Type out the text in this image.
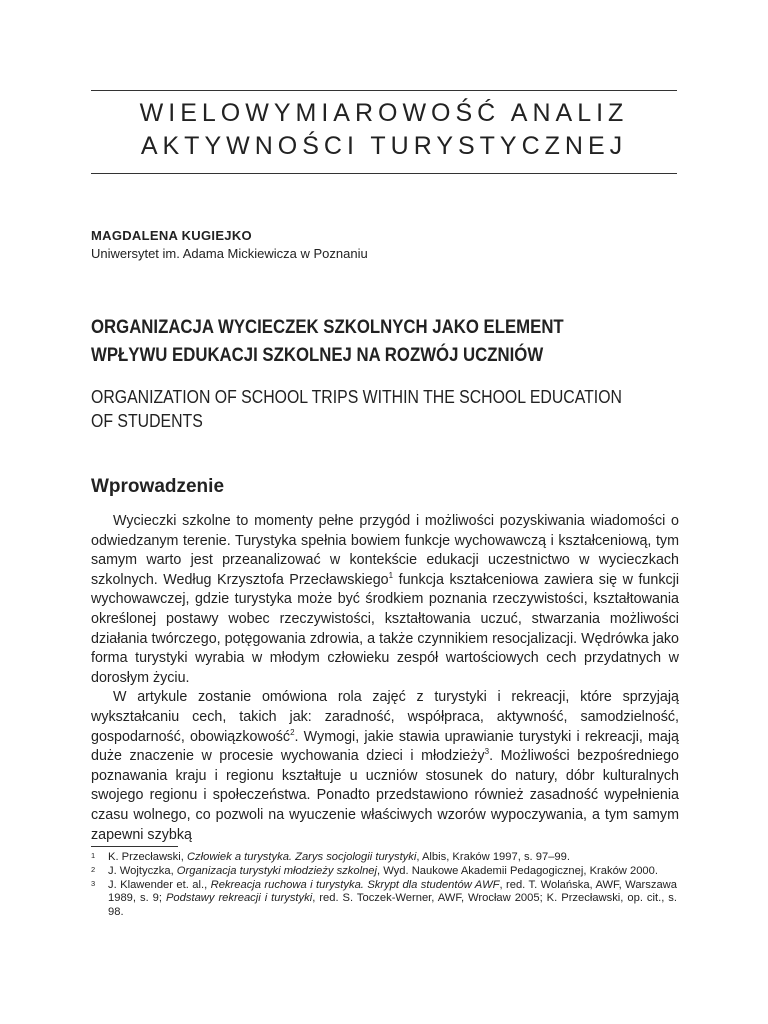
WIELOWYMIAROWOŚĆ ANALIZ
AKTYWNOŚCI TURYSTYCZNEJ
MAGDALENA KUGIEJKO
Uniwersytet im. Adama Mickiewicza w Poznaniu
ORGANIZACJA WYCIECZEK SZKOLNYCH JAKO ELEMENT
WPŁYWU EDUKACJI SZKOLNEJ NA ROZWÓJ UCZNIÓW
ORGANIZATION OF SCHOOL TRIPS WITHIN THE SCHOOL EDUCATION
OF STUDENTS
Wprowadzenie

Wycieczki szkolne to momenty pełne przygód i możliwości pozyskiwania wiadomości o odwiedzanym terenie. Turystyka spełnia bowiem funkcje wychowawczą i kształceniową, tym samym warto jest przeanalizować w kontekście edukacji uczestnictwo w wycieczkach szkolnych. Według Krzysztofa Przecławskiego$^1$ funkcja kształceniowa zawiera się w funkcji wychowawczej, gdzie turystyka może być środkiem poznania rzeczywistości, kształtowania określonej postawy wobec rzeczywistości, kształtowania uczuć, stwarzania możliwości działania twórczego, potęgowania zdrowia, a także czynnikiem resocjalizacji. Wędrówka jako forma turystyki wyrabia w młodym człowieku zespół wartościowych cech przydatnych w dorosłym życiu.

W artykule zostanie omówiona rola zajęć z turystyki i rekreacji, które sprzyjają wykształcaniu cech, takich jak: zaradność, współpraca, aktywność, samodzielność, gospodarność, obowiązkowość$^2$. Wymogi, jakie stawia uprawianie turystyki i rekreacji, mają duże znaczenie w procesie wychowania dzieci i młodzieży$^3$. Możliwości bezpośredniego poznawania kraju i regionu kształtuje u uczniów stosunek do natury, dóbr kulturalnych swojego regionu i społeczeństwa. Ponadto przedstawiono również zasadność wypełnienia czasu wolnego, co pozwoli na wyuczenie właściwych wzorów wypoczywania, a tym samym zapewni szybką

1 K. Przecławski, Człowiek a turystyka. Zarys socjologii turystyki, Albis, Kraków 1997, s. 97–99.
2 J. Wojtyczka, Organizacja turystyki młodzieży szkolnej, Wyd. Naukowe Akademii Pedagogicznej, Kraków 2000.
3 J. Klawender et. al., Rekreacja ruchowa i turystyka. Skrypt dla studentów AWF, red. T. Wolańska, AWF, Warszawa 1989, s. 9; Podstawy rekreacji i turystyki, red. S. Toczek-Werner, AWF, Wrocław 2005; K. Przecławski, op. cit., s. 98.
